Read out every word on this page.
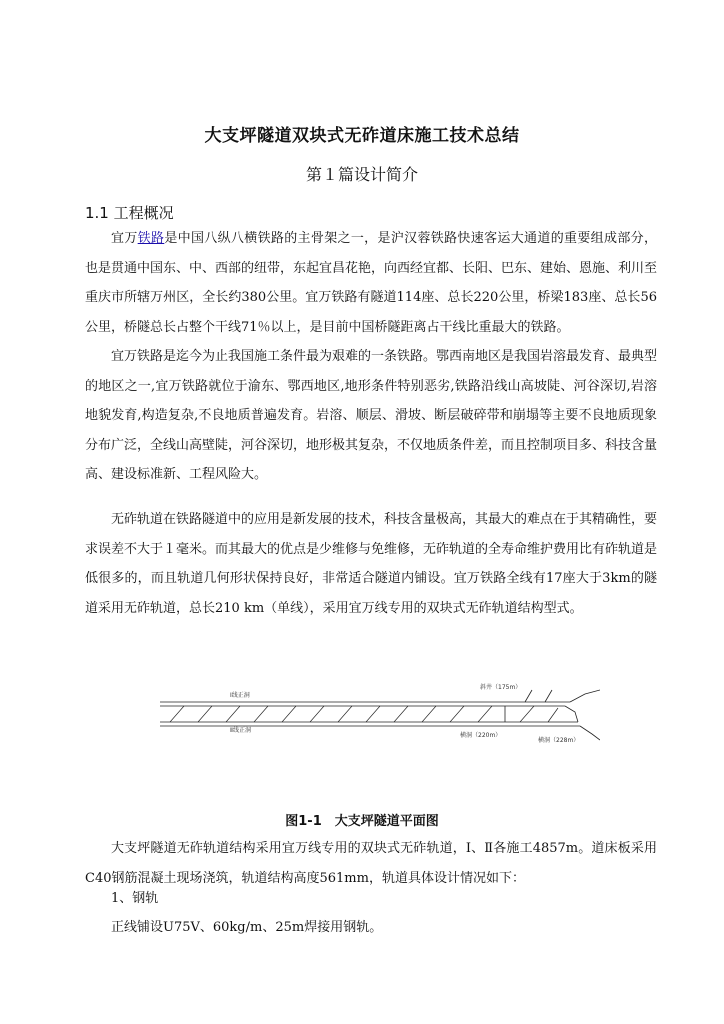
大支坪隧道双块式无砟道床施工技术总结
第１篇设计简介
1.1 工程概况

宜万铁路是中国八纵八横铁路的主骨架之一，是沪汉蓉铁路快速客运大通道的重要组成部分，也是贯通中国东、中、西部的纽带，东起宜昌花艳，向西经宜都、长阳、巴东、建始、恩施、利川至重庆市所辖万州区，全长约380公里。宜万铁路有隧道114座、总长220公里，桥梁183座、总长56公里，桥隧总长占整个干线71％以上，是目前中国桥隧距离占干线比重最大的铁路。

宜万铁路是迄今为止我国施工条件最为艰难的一条铁路。鄂西南地区是我国岩溶最发育、最典型的地区之一,宜万铁路就位于渝东、鄂西地区,地形条件特别恶劣,铁路沿线山高坡陡、河谷深切,岩溶地貌发育,构造复杂,不良地质普遍发育。岩溶、顺层、滑坡、断层破碎带和崩塌等主要不良地质现象分布广泛，全线山高壁陡，河谷深切，地形极其复杂，不仅地质条件差，而且控制项目多、科技含量高、建设标准新、工程风险大。

无砟轨道在铁路隧道中的应用是新发展的技术，科技含量极高，其最大的难点在于其精确性，要求误差不大于１毫米。而其最大的优点是少维修与免维修，无砟轨道的全寿命维护费用比有砟轨道是低很多的，而且轨道几何形状保持良好，非常适合隧道内铺设。宜万铁路全线有17座大于3km的隧道采用无砟轨道，总长210 km（单线），采用宜万线专用的双块式无砟轨道结构型式。

Ⅰ线正洞
Ⅱ线正洞
斜井（175m）
横洞（220m）
横洞（228m）
图1-1　大支坪隧道平面图

大支坪隧道无砟轨道结构采用宜万线专用的双块式无砟轨道，Ⅰ、Ⅱ各施工4857m。道床板采用C40钢筋混凝土现场浇筑，轨道结构高度561mm，轨道具体设计情况如下：

1、钢轨
正线铺设U75V、60kg/m、25m焊接用钢轨。
